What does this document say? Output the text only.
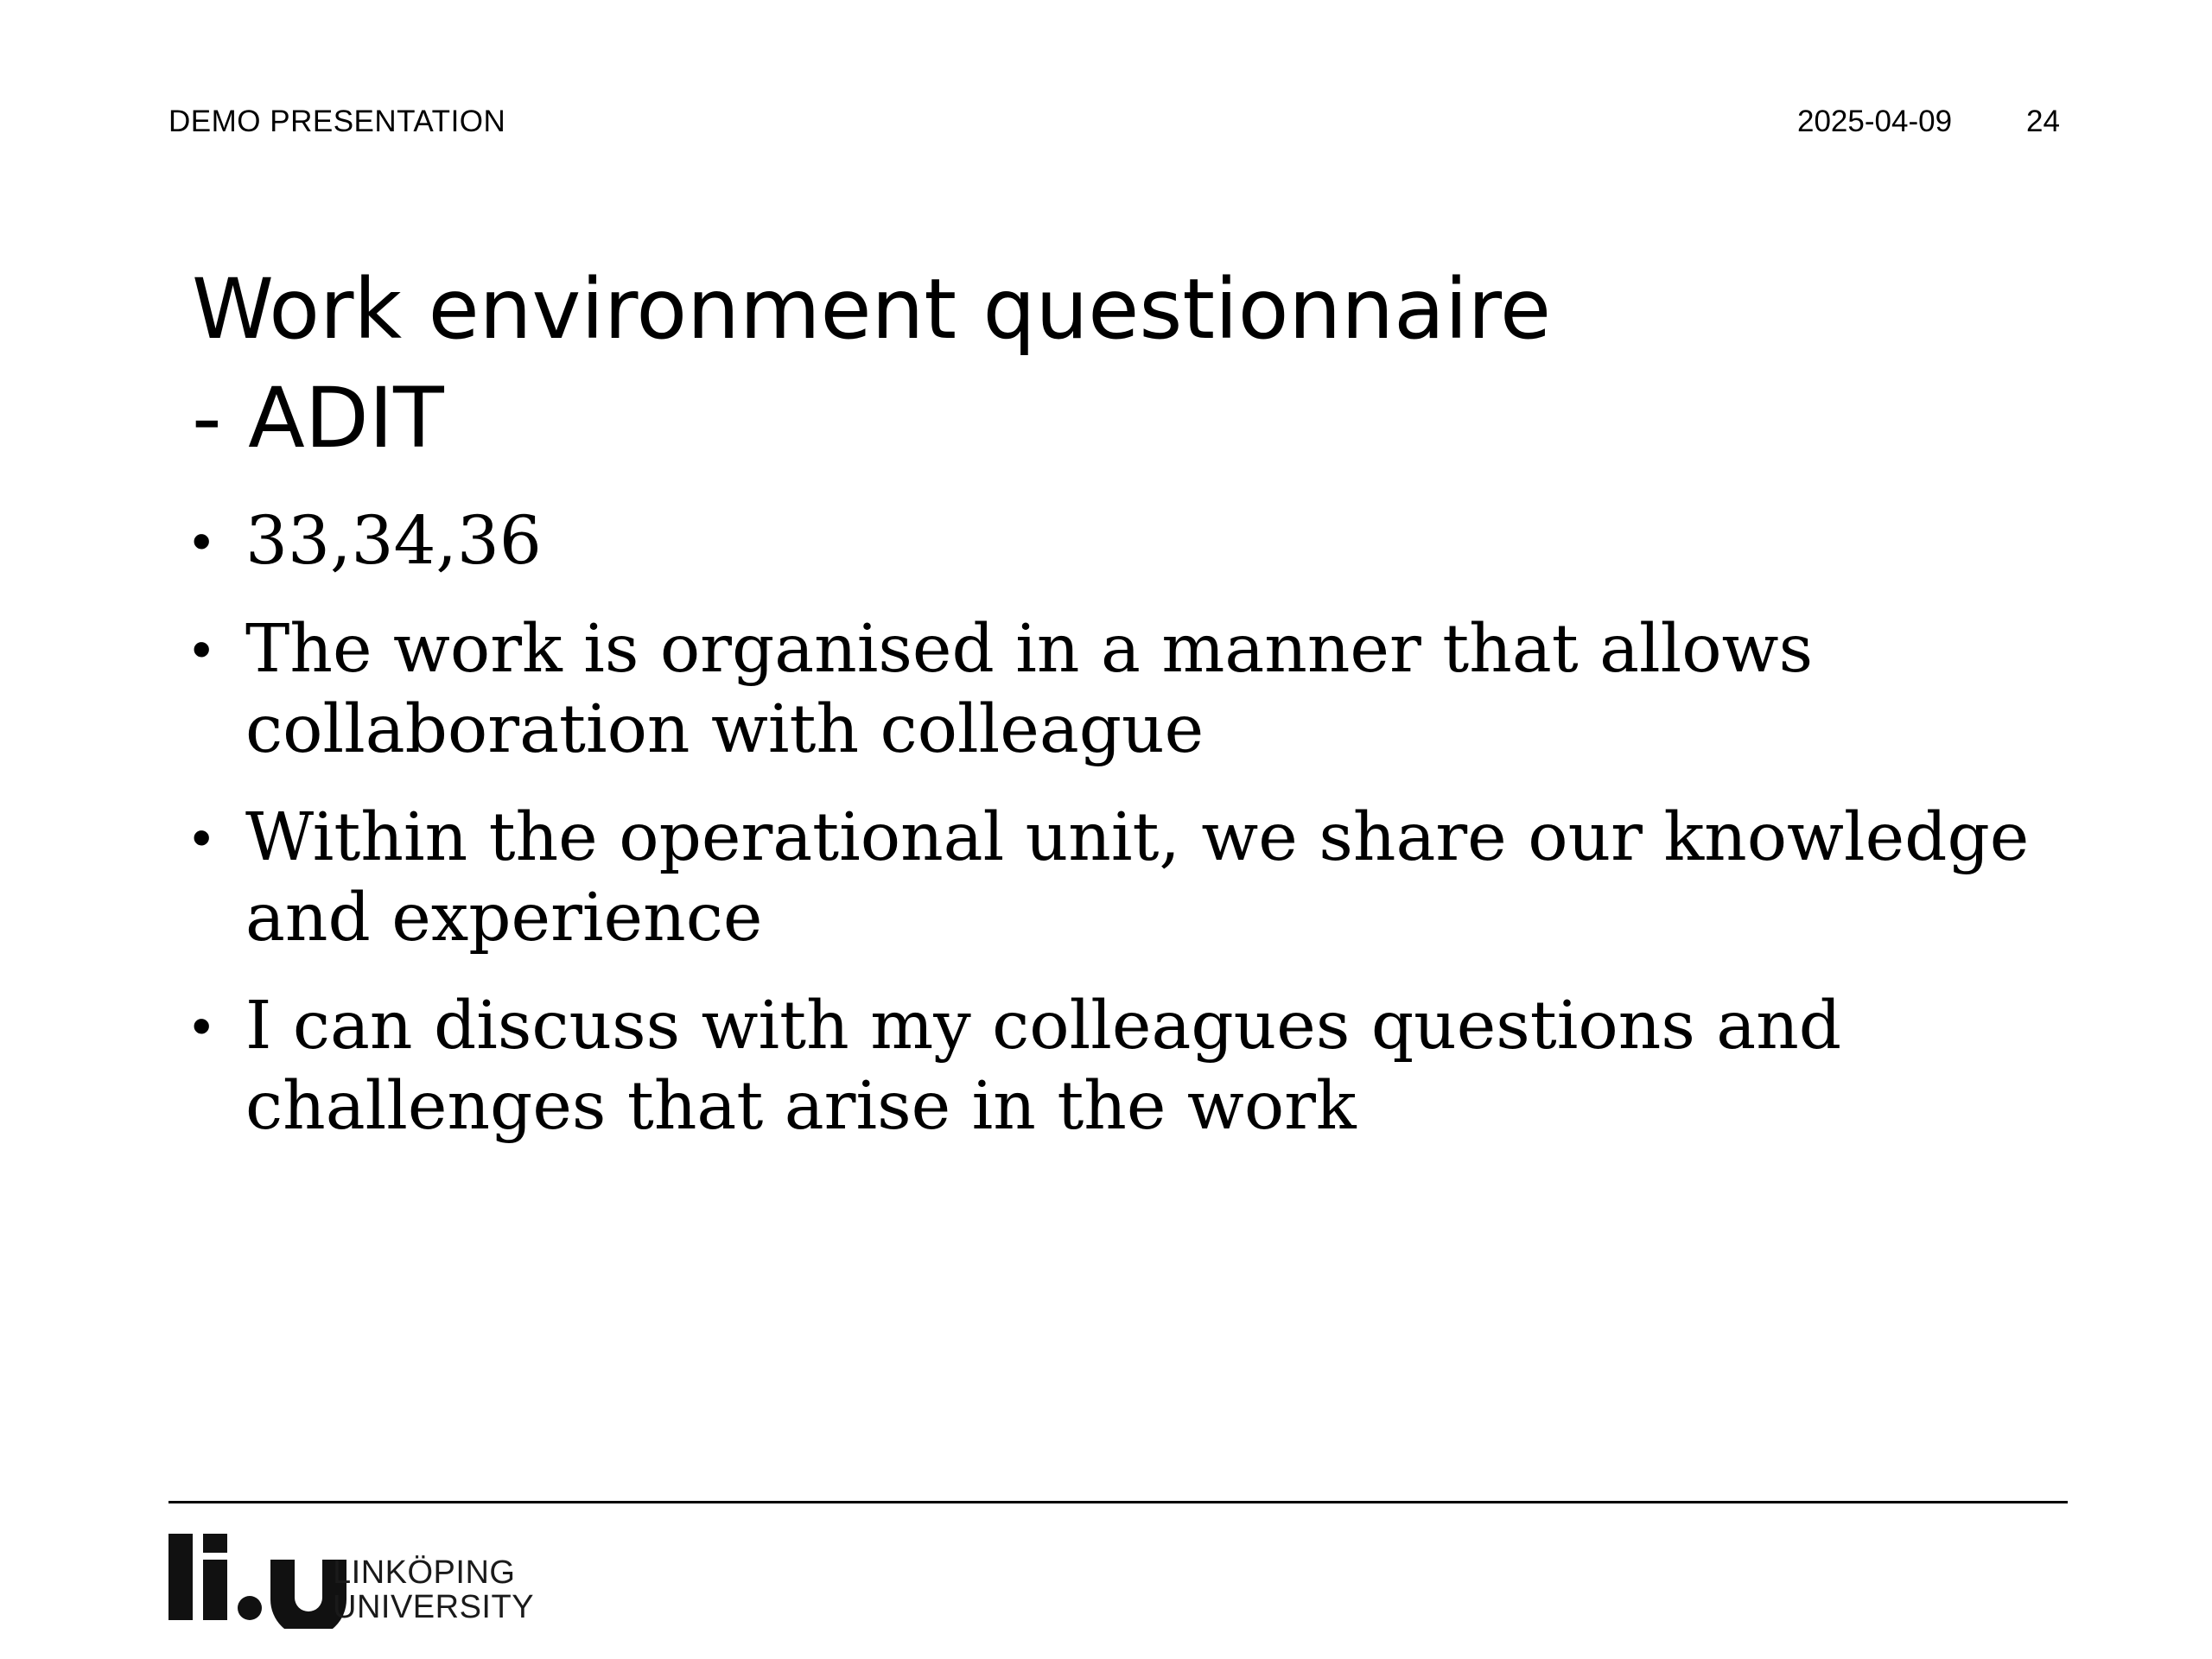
DEMO PRESENTATION	2025-04-09 24
Work environment questionnaire
- ADIT
• 33,34,36
• The work is organised in a manner that allows collaboration with colleague
• Within the operational unit, we share our knowledge and experience
• I can discuss with my colleagues questions and challenges that arise in the work
LINKÖPING
UNIVERSITY
